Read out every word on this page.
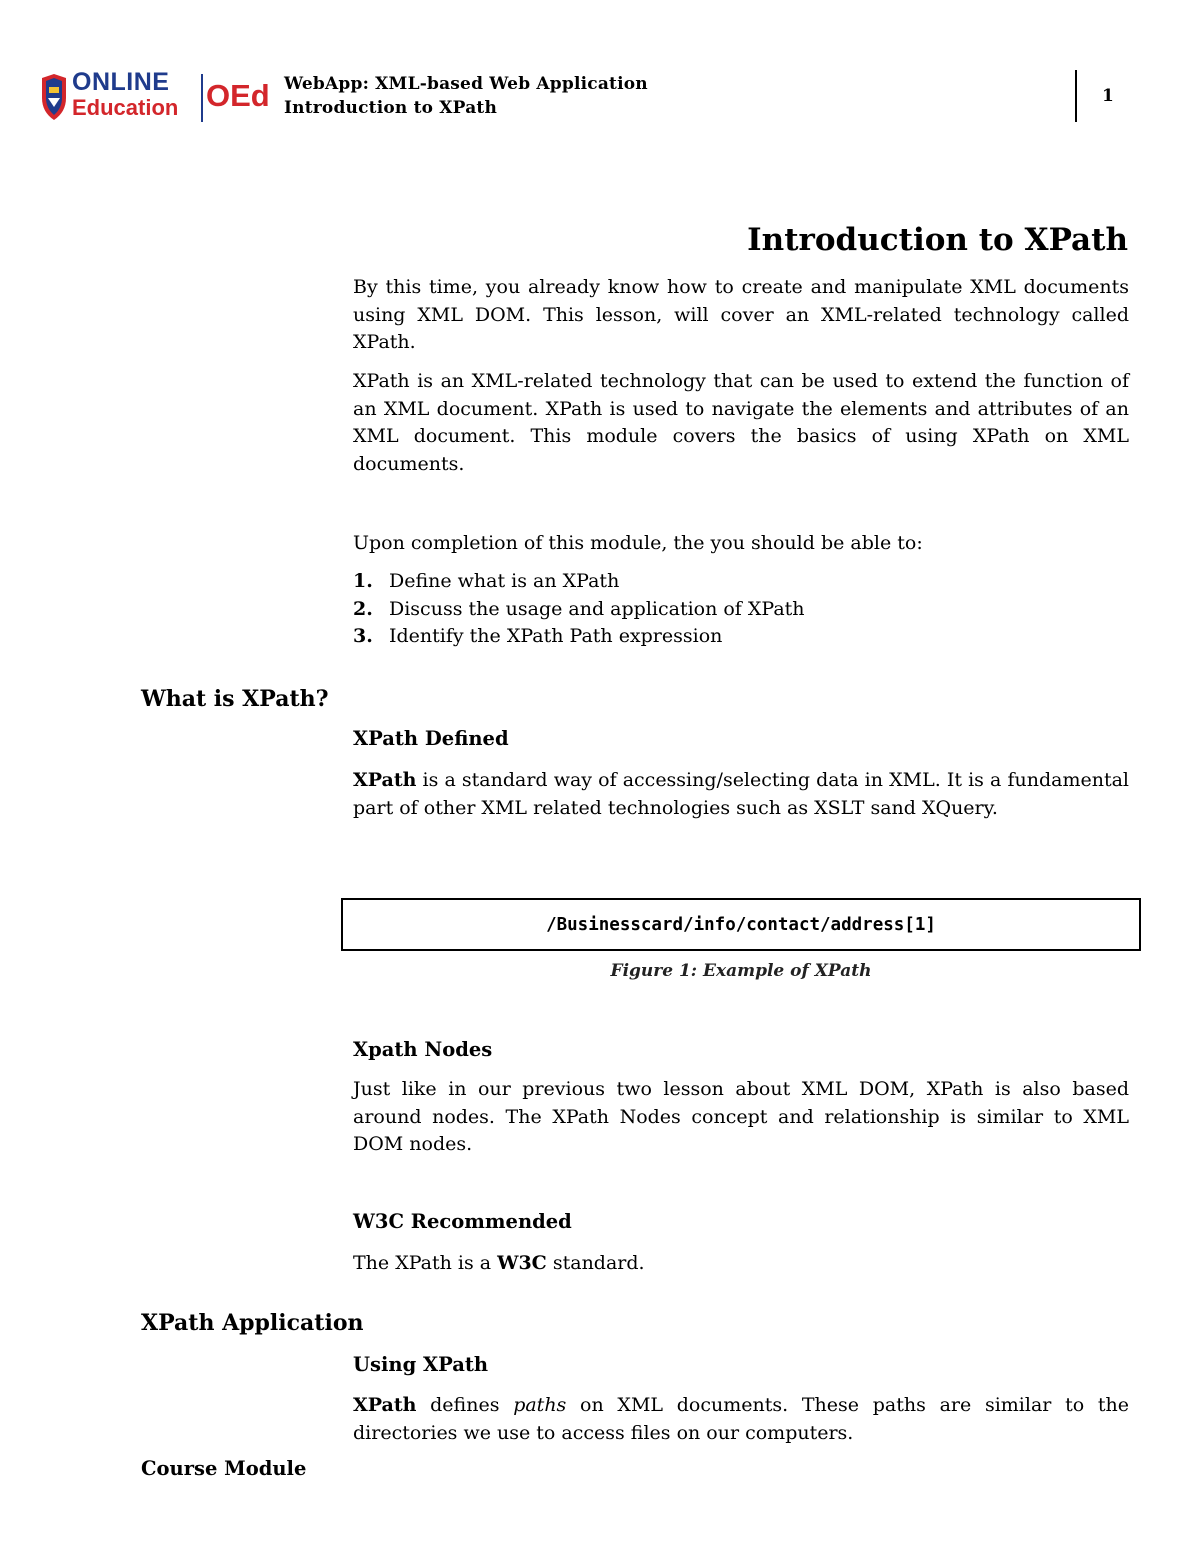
ONLINE
Education OEd WebApp: XML-based Web Application
Introduction to XPath
1
Introduction to XPath

By this time, you already know how to create and manipulate XML documents using XML DOM. This lesson, will cover an XML-related technology called XPath.

XPath is an XML-related technology that can be used to extend the function of an XML document. XPath is used to navigate the elements and attributes of an XML document. This module covers the basics of using XPath on XML documents.

Upon completion of this module, the you should be able to:

1. Define what is an XPath
2. Discuss the usage and application of XPath
3. Identify the XPath Path expression
What is XPath?
XPath Defined

XPath is a standard way of accessing/selecting data in XML. It is a fundamental part of other XML related technologies such as XSLT sand XQuery.

/Businesscard/info/contact/address[1]
Figure 1: Example of XPath
Xpath Nodes

Just like in our previous two lesson about XML DOM, XPath is also based around nodes. The XPath Nodes concept and relationship is similar to XML DOM nodes.

W3C Recommended

The XPath is a W3C standard.

XPath Application
Using XPath

XPath defines paths on XML documents. These paths are similar to the directories we use to access files on our computers.

Course Module
